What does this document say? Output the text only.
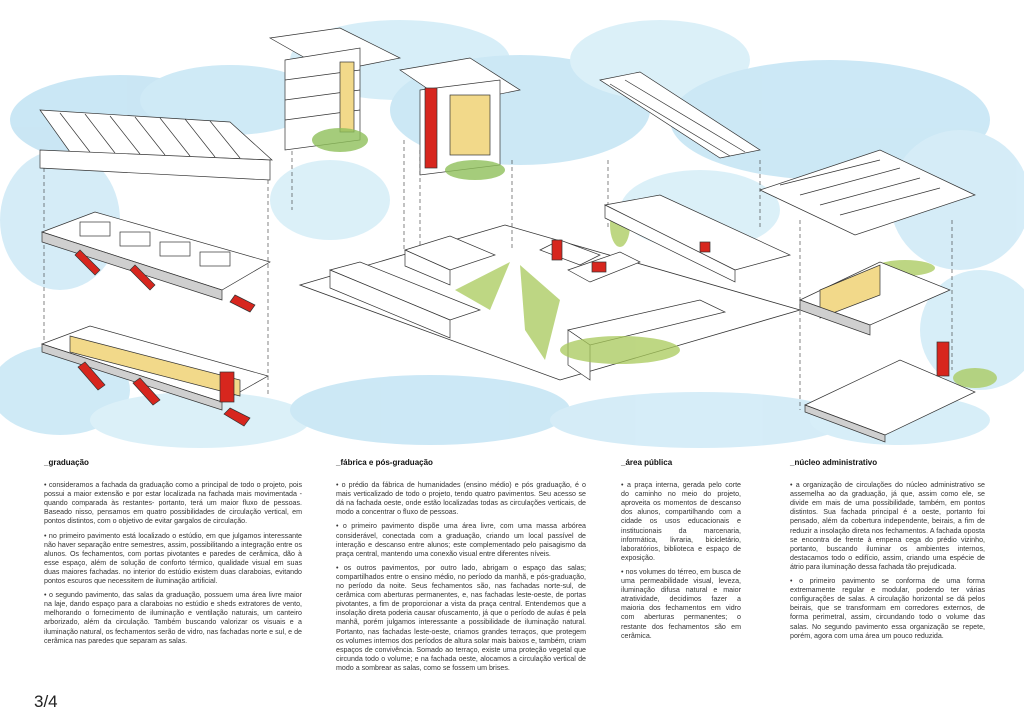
_graduação

• consideramos a fachada da graduação como a principal de todo o projeto, pois possui a maior extensão e por estar localizada na fachada mais movimentada -quando comparada às restantes- portanto, terá um maior fluxo de pessoas. Baseado nisso, pensamos em quatro possibilidades de circulação vertical, em pontos distintos, com o objetivo de evitar gargalos de circulação.

• no primeiro pavimento está localizado o estúdio, em que julgamos interessante não haver separação entre semestres, assim, possibilitando a integração entre os alunos. Os fechamentos, com portas pivotantes e paredes de cerâmica, dão à esse espaço, além de solução de conforto térmico, qualidade visual em suas duas maiores fachadas. no interior do estúdio existem duas claraboias, evitando pontos escuros que necessitem de iluminação artificial.

• o segundo pavimento, das salas da graduação, possuem uma área livre maior na laje, dando espaço para a claraboias no estúdio e sheds extratores de vento, melhorando o fornecimento de iluminação e ventilação naturais, um canteiro arborizado, além da circulação. Também buscando valorizar os visuais e a iluminação natural, os fechamentos serão de vidro, nas fachadas norte e sul, e de cerâmica nas paredes que separam as salas.

_fábrica e pós-graduação

• o prédio da fábrica de humanidades (ensino médio) e pós graduação, é o mais verticalizado de todo o projeto, tendo quatro pavimentos. Seu acesso se dá na fachada oeste, onde estão localizadas todas as circulações verticais, de modo a concentrar o fluxo de pessoas.

• o primeiro pavimento dispõe uma área livre, com uma massa arbórea considerável, conectada com a graduação, criando um local passível de interação e descanso entre alunos; este complementado pelo paisagismo da praça central, mantendo uma conexão visual entre diferentes níveis.

• os outros pavimentos, por outro lado, abrigam o espaço das salas; compartilhados entre o ensino médio, no período da manhã, e pós-graduação, no período da noite. Seus fechamentos são, nas fachadas norte-sul, de cerâmica com aberturas permanentes, e, nas fachadas leste-oeste, de portas pivotantes, a fim de proporcionar a vista da praça central. Entendemos que a insolação direta poderia causar ofuscamento, já que o período de aulas é pela manhã, porém julgamos interessante a possibilidade de iluminação natural. Portanto, nas fachadas leste-oeste, criamos grandes terraços, que protegem os volumes internos dos períodos de altura solar mais baixos e, também, criam espaços de convivência. Somado ao terraço, existe uma proteção vegetal que circunda todo o volume; e na fachada oeste, alocamos a circulação vertical de modo a sombrear as salas, como se fossem um brises.

_área pública

• a praça interna, gerada pelo corte do caminho no meio do projeto, aproveita os momentos de descanso dos alunos, compartilhando com a cidade os usos educacionais e institucionais da marcenaria, informática, livraria, bicicletário, laboratórios, biblioteca e espaço de exposição.

• nos volumes do térreo, em busca de uma permeabilidade visual, leveza, iluminação difusa natural e maior atratividade, decidimos fazer a maioria dos fechamentos em vidro com aberturas permanentes; o restante dos fechamentos são em cerâmica.

_núcleo administrativo

• a organização de circulações do núcleo administrativo se assemelha ao da graduação, já que, assim como ele, se divide em mais de uma possibilidade, também, em pontos distintos. Sua fachada principal é a oeste, portanto foi pensado, além da cobertura independente, beirais, a fim de reduzir a insolação direta nos fechamentos. A fachada oposta se encontra de frente à empena cega do prédio vizinho, portanto, buscando iluminar os ambientes internos, destacamos todo o edifício, assim, criando uma espécie de átrio para iluminação dessa fachada tão prejudicada.

• o primeiro pavimento se conforma de uma forma extremamente regular e modular, podendo ter várias configurações de salas. A circulação horizontal se dá pelos beirais, que se transformam em corredores externos, de forma perimetral, assim, circundando todo o volume das salas. No segundo pavimento essa organização se repete, porém, agora com uma área um pouco reduzida.

3/4
